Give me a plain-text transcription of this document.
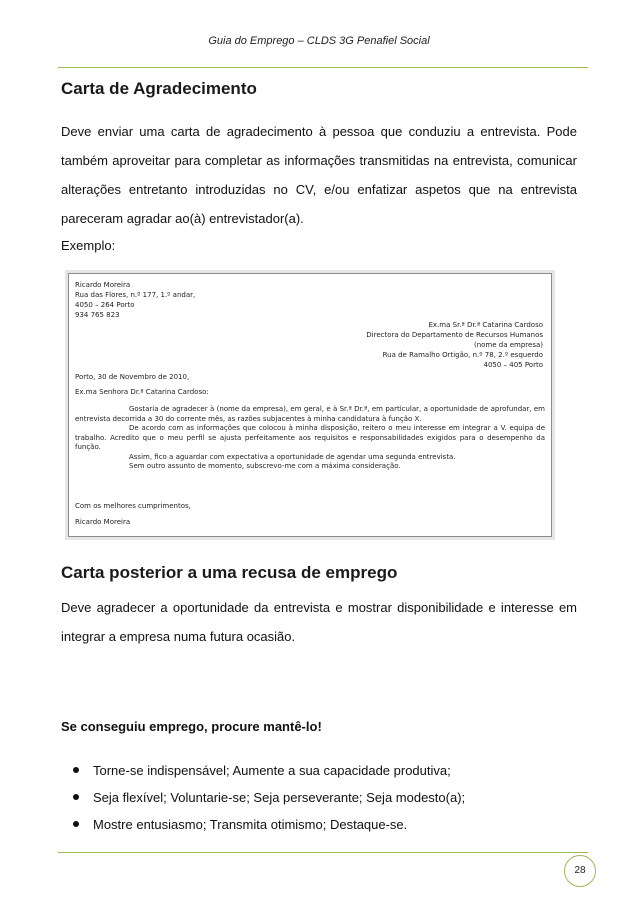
Guia do Emprego – CLDS 3G Penafiel Social
Carta de Agradecimento
Deve enviar uma carta de agradecimento à pessoa que conduziu a entrevista. Pode também aproveitar para completar as informações transmitidas na entrevista, comunicar alterações entretanto introduzidas no CV, e/ou enfatizar aspetos que na entrevista pareceram agradar ao(à) entrevistador(a).
Exemplo:
Ricardo Moreira
Rua das Flores, n.º 177, 1.º andar,
4050 – 264 Porto
934 765 823
Ex.ma Sr.ª Dr.ª Catarina Cardoso
Directora do Departamento de Recursos Humanos
(nome da empresa)
Rua de Ramalho Ortigão, n.º 78, 2.º esquerdo
4050 – 405 Porto
Porto, 30 de Novembro de 2010,
Ex.ma Senhora Dr.ª Catarina Cardoso:
Gostaria de agradecer à (nome da empresa), em geral, e à Sr.ª Dr.ª, em particular, a oportunidade de aprofundar, em entrevista decorrida a 30 do corrente mês, as razões subjacentes à minha candidatura à função X.
De acordo com as informações que colocou à minha disposição, reitero o meu interesse em integrar a V. equipa de trabalho. Acredito que o meu perfil se ajusta perfeitamente aos requisitos e responsabilidades exigidos para o desempenho da função.
Assim, fico a aguardar com expectativa a oportunidade de agendar uma segunda entrevista.
Sem outro assunto de momento, subscrevo-me com a máxima consideração.
Com os melhores cumprimentos,
Ricardo Moreira
Carta posterior a uma recusa de emprego
Deve agradecer a oportunidade da entrevista e mostrar disponibilidade e interesse em integrar a empresa numa futura ocasião.
Se conseguiu emprego, procure mantê-lo!
Torne-se indispensável; Aumente a sua capacidade produtiva;
Seja flexível; Voluntarie-se; Seja perseverante; Seja modesto(a);
Mostre entusiasmo; Transmita otimismo; Destaque-se.
28
